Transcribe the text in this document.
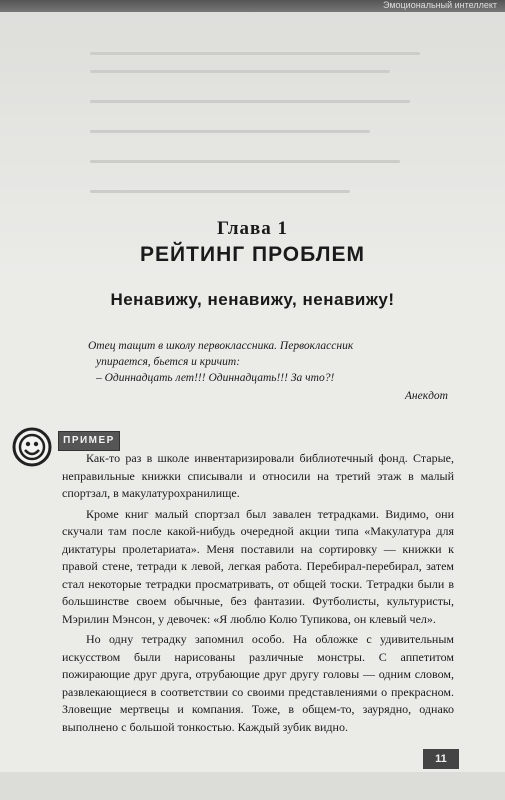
Эмоциональный интеллект
Глава 1
РЕЙТИНГ ПРОБЛЕМ
Ненавижу, ненавижу, ненавижу!
Отец тащит в школу первоклассника. Первоклассник
упирается, бьется и кричит:
– Одиннадцать лет!!! Одиннадцать!!! За что?!
Анекдот
ПРИМЕР

Как-то раз в школе инвентаризировали библиотечный фонд. Старые, неправильные книжки списывали и относили на третий этаж в малый спортзал, в макулатурохранилище.

Кроме книг малый спортзал был завален тетрадками. Видимо, они скучали там после какой-нибудь очередной акции типа «Макулатура для диктатуры пролетариата». Меня поставили на сортировку — книжки к правой стене, тетради к левой, легкая работа. Перебирал-перебирал, затем стал некоторые тетрадки просматривать, от общей тоски. Тетрадки были в большинстве своем обычные, без фантазии. Футболисты, культуристы, Мэрилин Мэнсон, у девочек: «Я люблю Колю Тупикова, он клевый чел».

Но одну тетрадку запомнил особо. На обложке с удивительным искусством были нарисованы различные монстры. С аппетитом пожирающие друг друга, отрубающие друг другу головы — одним словом, развлекающиеся в соответствии со своими представлениями о прекрасном. Зловещие мертвецы и компания. Тоже, в общем-то, заурядно, однако выполнено с большой тонкостью. Каждый зубик видно.

11
